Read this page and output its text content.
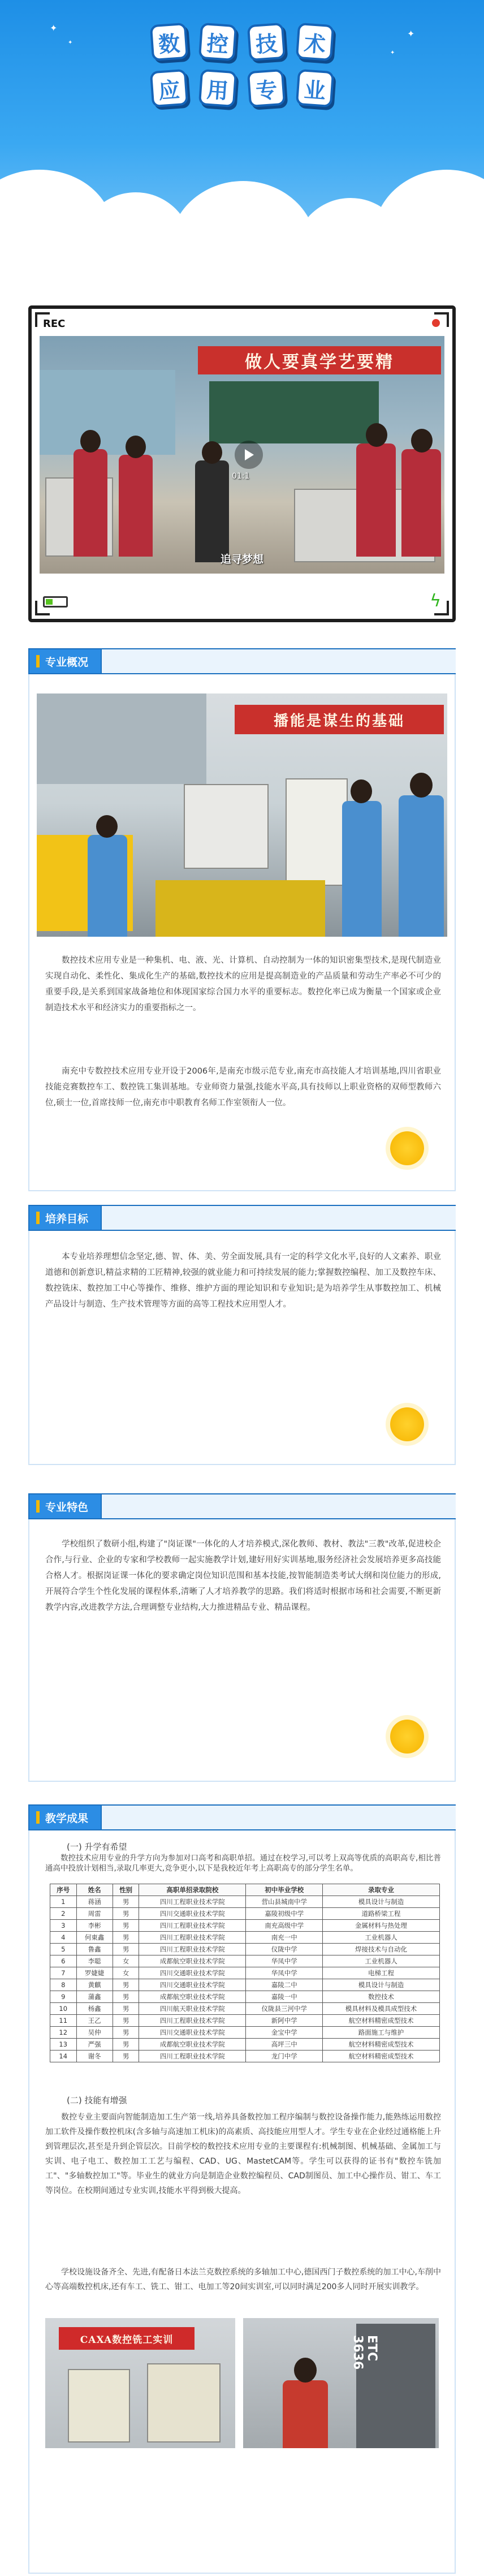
✦
✦
✦
✦
数	控	技	术
应	用	专	业
REC
做人要真学艺要精
01:1
追寻梦想
ϟ
专业概况
播能是谋生的基础
数控技术应用专业是一种集机、电、液、光、计算机、自动控制为一体的知识密集型技术,是现代制造业实现自动化、柔性化、集成化生产的基础,数控技术的应用是提高制造业的产品质量和劳动生产率必不可少的重要手段,是关系到国家战备地位和体现国家综合国力水平的重要标志。数控化率已成为衡量一个国家或企业制造技术水平和经济实力的重要指标之一。
南充中专数控技术应用专业开设于2006年,是南充市级示范专业,南充市高技能人才培训基地,四川省职业技能竞赛数控车工、数控铣工集训基地。专业师资力量强,技能水平高,具有技师以上职业资格的双师型教师六位,硕士一位,首席技师一位,南充市中职教育名师工作室领衔人一位。
培养目标
本专业培养理想信念坚定,德、智、体、美、劳全面发展,具有一定的科学文化水平,良好的人文素养、职业道德和创新意识,精益求精的工匠精神,较强的就业能力和可持续发展的能力;掌握数控编程、加工及数控车床、数控铣床、数控加工中心等操作、维修、维护方面的理论知识和专业知识;是为培养学生从事数控加工、机械产品设计与制造、生产技术管理等方面的高等工程技术应用型人才。
专业特色
学校组织了数研小组,构建了"岗证课"一体化的人才培养模式,深化教师、教材、教法"三教"改革,促进校企合作,与行业、企业的专家和学校教师一起实施教学计划,建好用好实训基地,服务经济社会发展培养更多高技能合格人才。根据岗证课一体化的要求确定岗位知识范围和基本技能,按智能制造类考试大纲和岗位能力的形成,开展符合学生个性化发展的课程体系,清晰了人才培养教学的思路。我们将适时根据市场和社会需要,不断更新教学内容,改进教学方法,合理调整专业结构,大力推进精品专业、精品课程。
教学成果
(一) 升学有希望
数控技术应用专业的升学方向为参加对口高考和高职单招。通过在校学习,可以考上双高等优质的高职高专,相比普通高中投放计划相当,录取几率更大,竞争更小,以下是我校近年考上高职高专的部分学生名单。
序号	姓名	性别	高职单招录取院校	初中毕业学校	录取专业
1	蒋涵	男	四川工程职业技术学院	营山县城南中学	模具设计与制造
2	周雷	男	四川交通职业技术学院	嘉陵初级中学	道路桥梁工程
3	李彬	男	四川工程职业技术学院	南充高级中学	金属材料与热处理
4	何東鑫	男	四川工程职业技术学院	南充一中	工业机器人
5	鲁鑫	男	四川工程职业技术学院	仪陇中学	焊接技术与自动化
6	李聪	女	成都航空职业技术学院	华凤中学	工业机器人
7	罗婕婕	女	四川交通职业技术学院	华凤中学	电梯工程
8	黄麒	男	四川交通职业技术学院	嘉陵二中	模具设计与制造
9	蒲鑫	男	成都航空职业技术学院	嘉陵一中	数控技术
10	杨鑫	男	四川航天职业技术学院	仪陇县三河中学	模具材料及模具成型技术
11	王乙	男	四川工程职业技术学院	新阿中学	航空材料精密成型技术
12	吴仲	男	四川交通职业技术学院	金宝中学	路面施工与维护
13	严强	男	成都航空职业技术学院	高坪三中	航空材料精密成型技术
14	谢冬	男	四川工程职业技术学院	龙门中学	航空材料精密成型技术
(二) 技能有增强
数控专业主要面向智能制造加工生产第一线,培养具备数控加工程序编制与数控设备操作能力,能熟练运用数控加工软件及操作数控机床(含多轴与高速加工机床)的高素质、高技能应用型人才。学生专业在企业经过通格能上升到管理层次,甚至是升到企管层次。目前学校的数控技术应用专业的主要课程有:机械制图、机械基础、金属加工与实训、电子电工、数控加工工艺与编程、CAD、UG、MastetCAM等。学生可以获得的证书有"数控车铣加工"、"多轴数控加工"等。毕业生的就业方向是制造企业数控编程员、CAD制图员、加工中心操作员、钳工、车工等岗位。在校期间通过专业实训,技能水平得到极大提高。
学校设施设备齐全、先进,有配备日本法兰克数控系统的多轴加工中心,德国西门子数控系统的加工中心,车削中心等高端数控机床,还有车工、铣工、钳工、电加工等20间实训室,可以同时满足200多人同时开展实训教学。
CAXA数控铣工实训	ETC 3636
